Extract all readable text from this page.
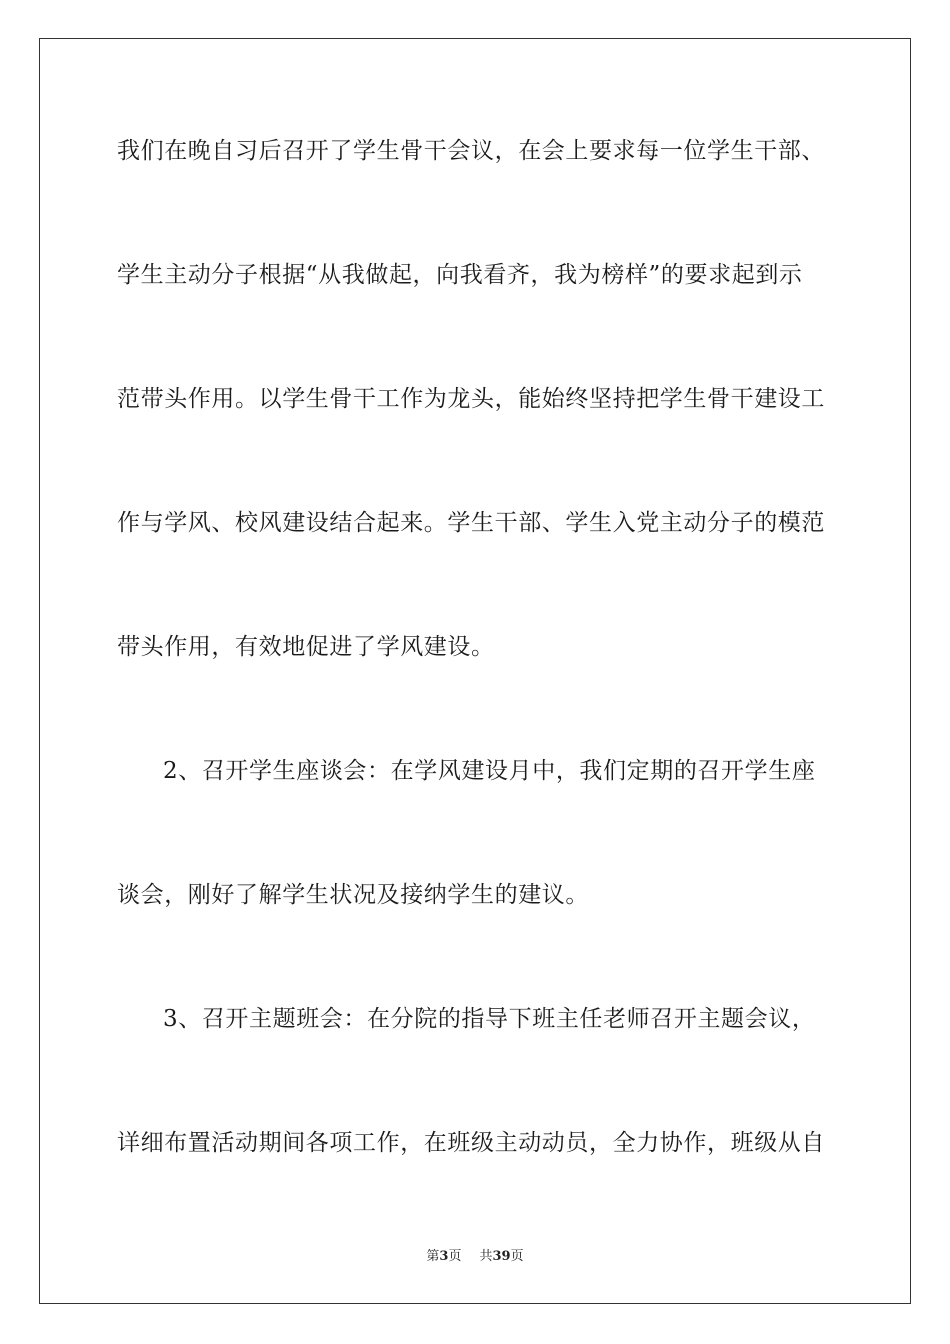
我们在晚自习后召开了学生骨干会议，在会上要求每一位学生干部、
学生主动分子根据“从我做起，向我看齐，我为榜样”的要求起到示
范带头作用。以学生骨干工作为龙头，能始终坚持把学生骨干建设工
作与学风、校风建设结合起来。学生干部、学生入党主动分子的模范
带头作用，有效地促进了学风建设。
2、召开学生座谈会：在学风建设月中，我们定期的召开学生座
谈会，刚好了解学生状况及接纳学生的建议。
3、召开主题班会：在分院的指导下班主任老师召开主题会议，
详细布置活动期间各项工作，在班级主动动员，全力协作，班级从自
第3页 共39页
